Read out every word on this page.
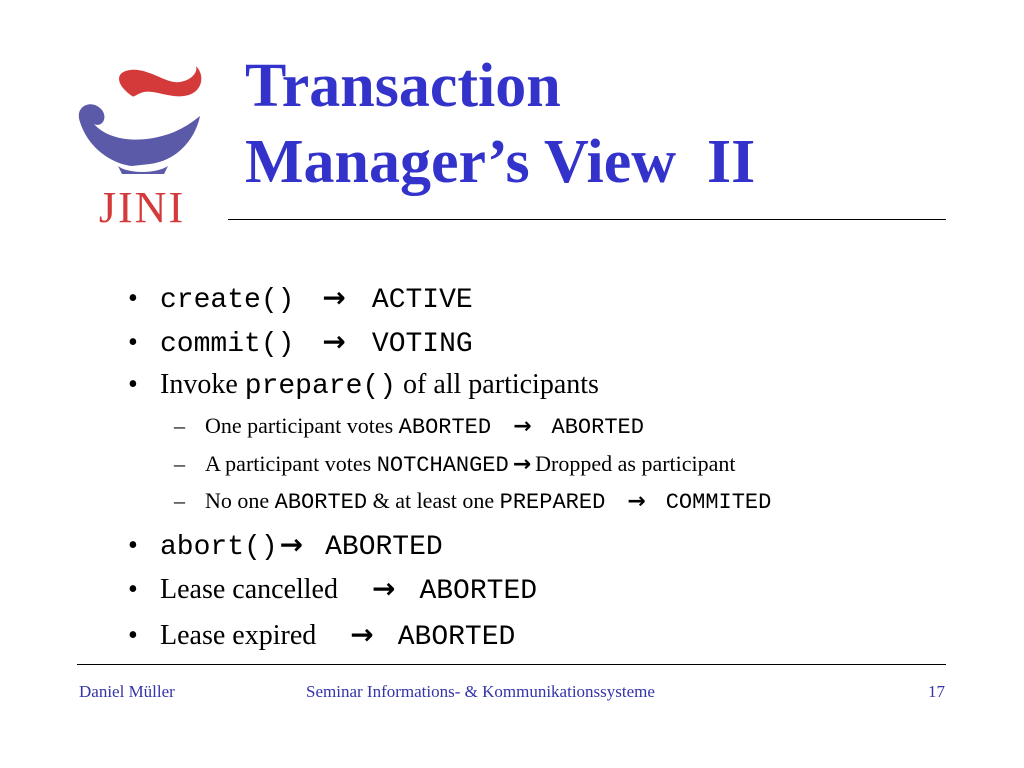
JINI
Transaction
Manager’s View  II
• create() → ACTIVE
• commit() → VOTING
• Invoke prepare() of all participants
– One participant votes ABORTED → ABORTED
– A participant votes NOTCHANGED → Dropped as participant
– No one ABORTED & at least one PREPARED → COMMITED
• abort() → ABORTED
• Lease cancelled → ABORTED
• Lease expired → ABORTED
Daniel Müller	Seminar Informations- & Kommunikationssysteme	17
